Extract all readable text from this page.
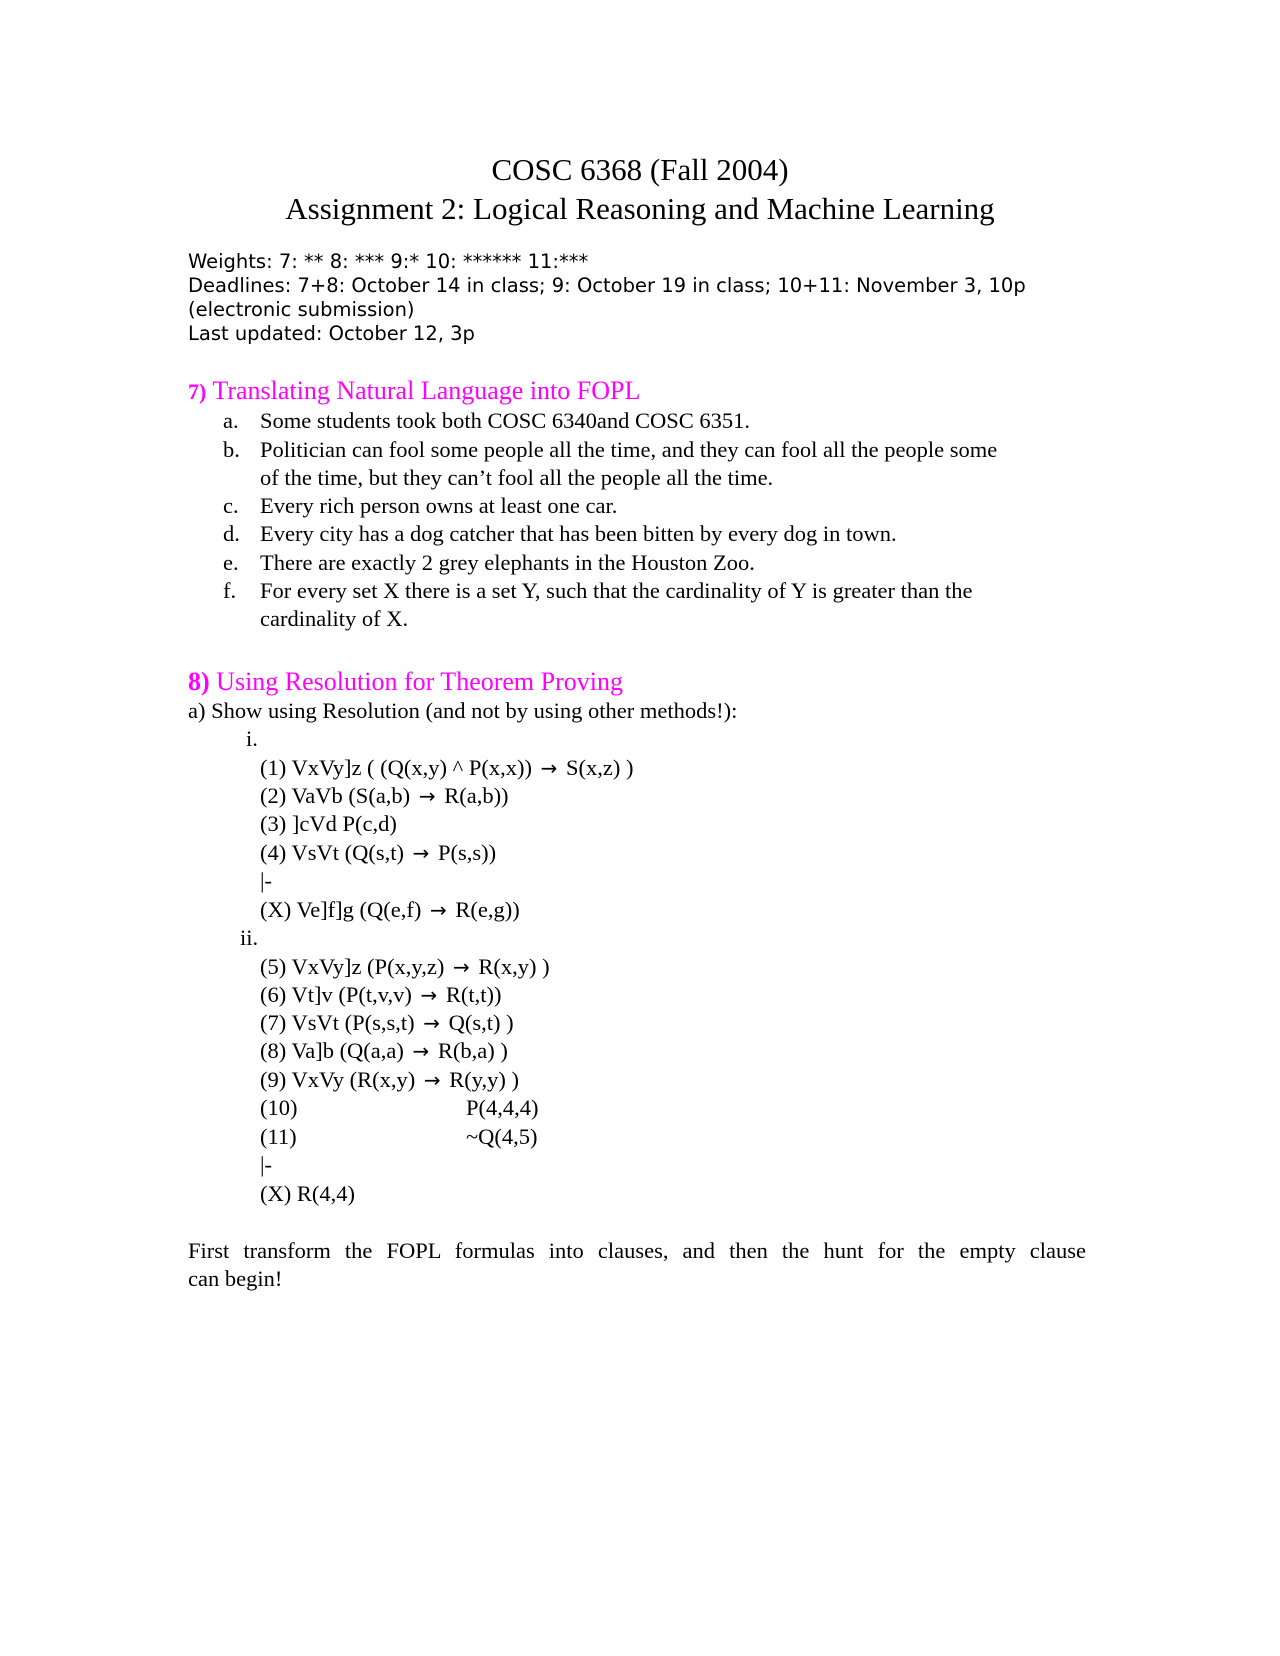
COSC 6368 (Fall 2004)
Assignment 2: Logical Reasoning and Machine Learning
Weights: 7: ** 8: *** 9:* 10: ****** 11:***
Deadlines: 7+8: October 14 in class; 9: October 19 in class; 10+11: November 3, 10p
(electronic submission)
Last updated: October 12, 3p
7) Translating Natural Language into FOPL
a. Some students took both COSC 6340and COSC 6351.
b. Politician can fool some people all the time, and they can fool all the people some
of the time, but they can’t fool all the people all the time.
c. Every rich person owns at least one car.
d. Every city has a dog catcher that has been bitten by every dog in town.
e. There are exactly 2 grey elephants in the Houston Zoo.
f. For every set X there is a set Y, such that the cardinality of Y is greater than the
cardinality of X.
8) Using Resolution for Theorem Proving
a) Show using Resolution (and not by using other methods!):
i.
(1) VxVy]z ( (Q(x,y) ^ P(x,x)) → S(x,z) )
(2) VaVb (S(a,b) → R(a,b))
(3) ]cVd P(c,d)
(4) VsVt (Q(s,t) → P(s,s))
|-
(X) Ve]f]g (Q(e,f) → R(e,g))
ii.
(5) VxVy]z (P(x,y,z) → R(x,y) )
(6) Vt]v (P(t,v,v) → R(t,t))
(7) VsVt (P(s,s,t) → Q(s,t) )
(8) Va]b (Q(a,a) → R(b,a) )
(9) VxVy (R(x,y) → R(y,y) )
(10)	P(4,4,4)
(11)	~Q(4,5)
|-
(X) R(4,4)
First transform the FOPL formulas into clauses, and then the hunt for the empty clause
can begin!
